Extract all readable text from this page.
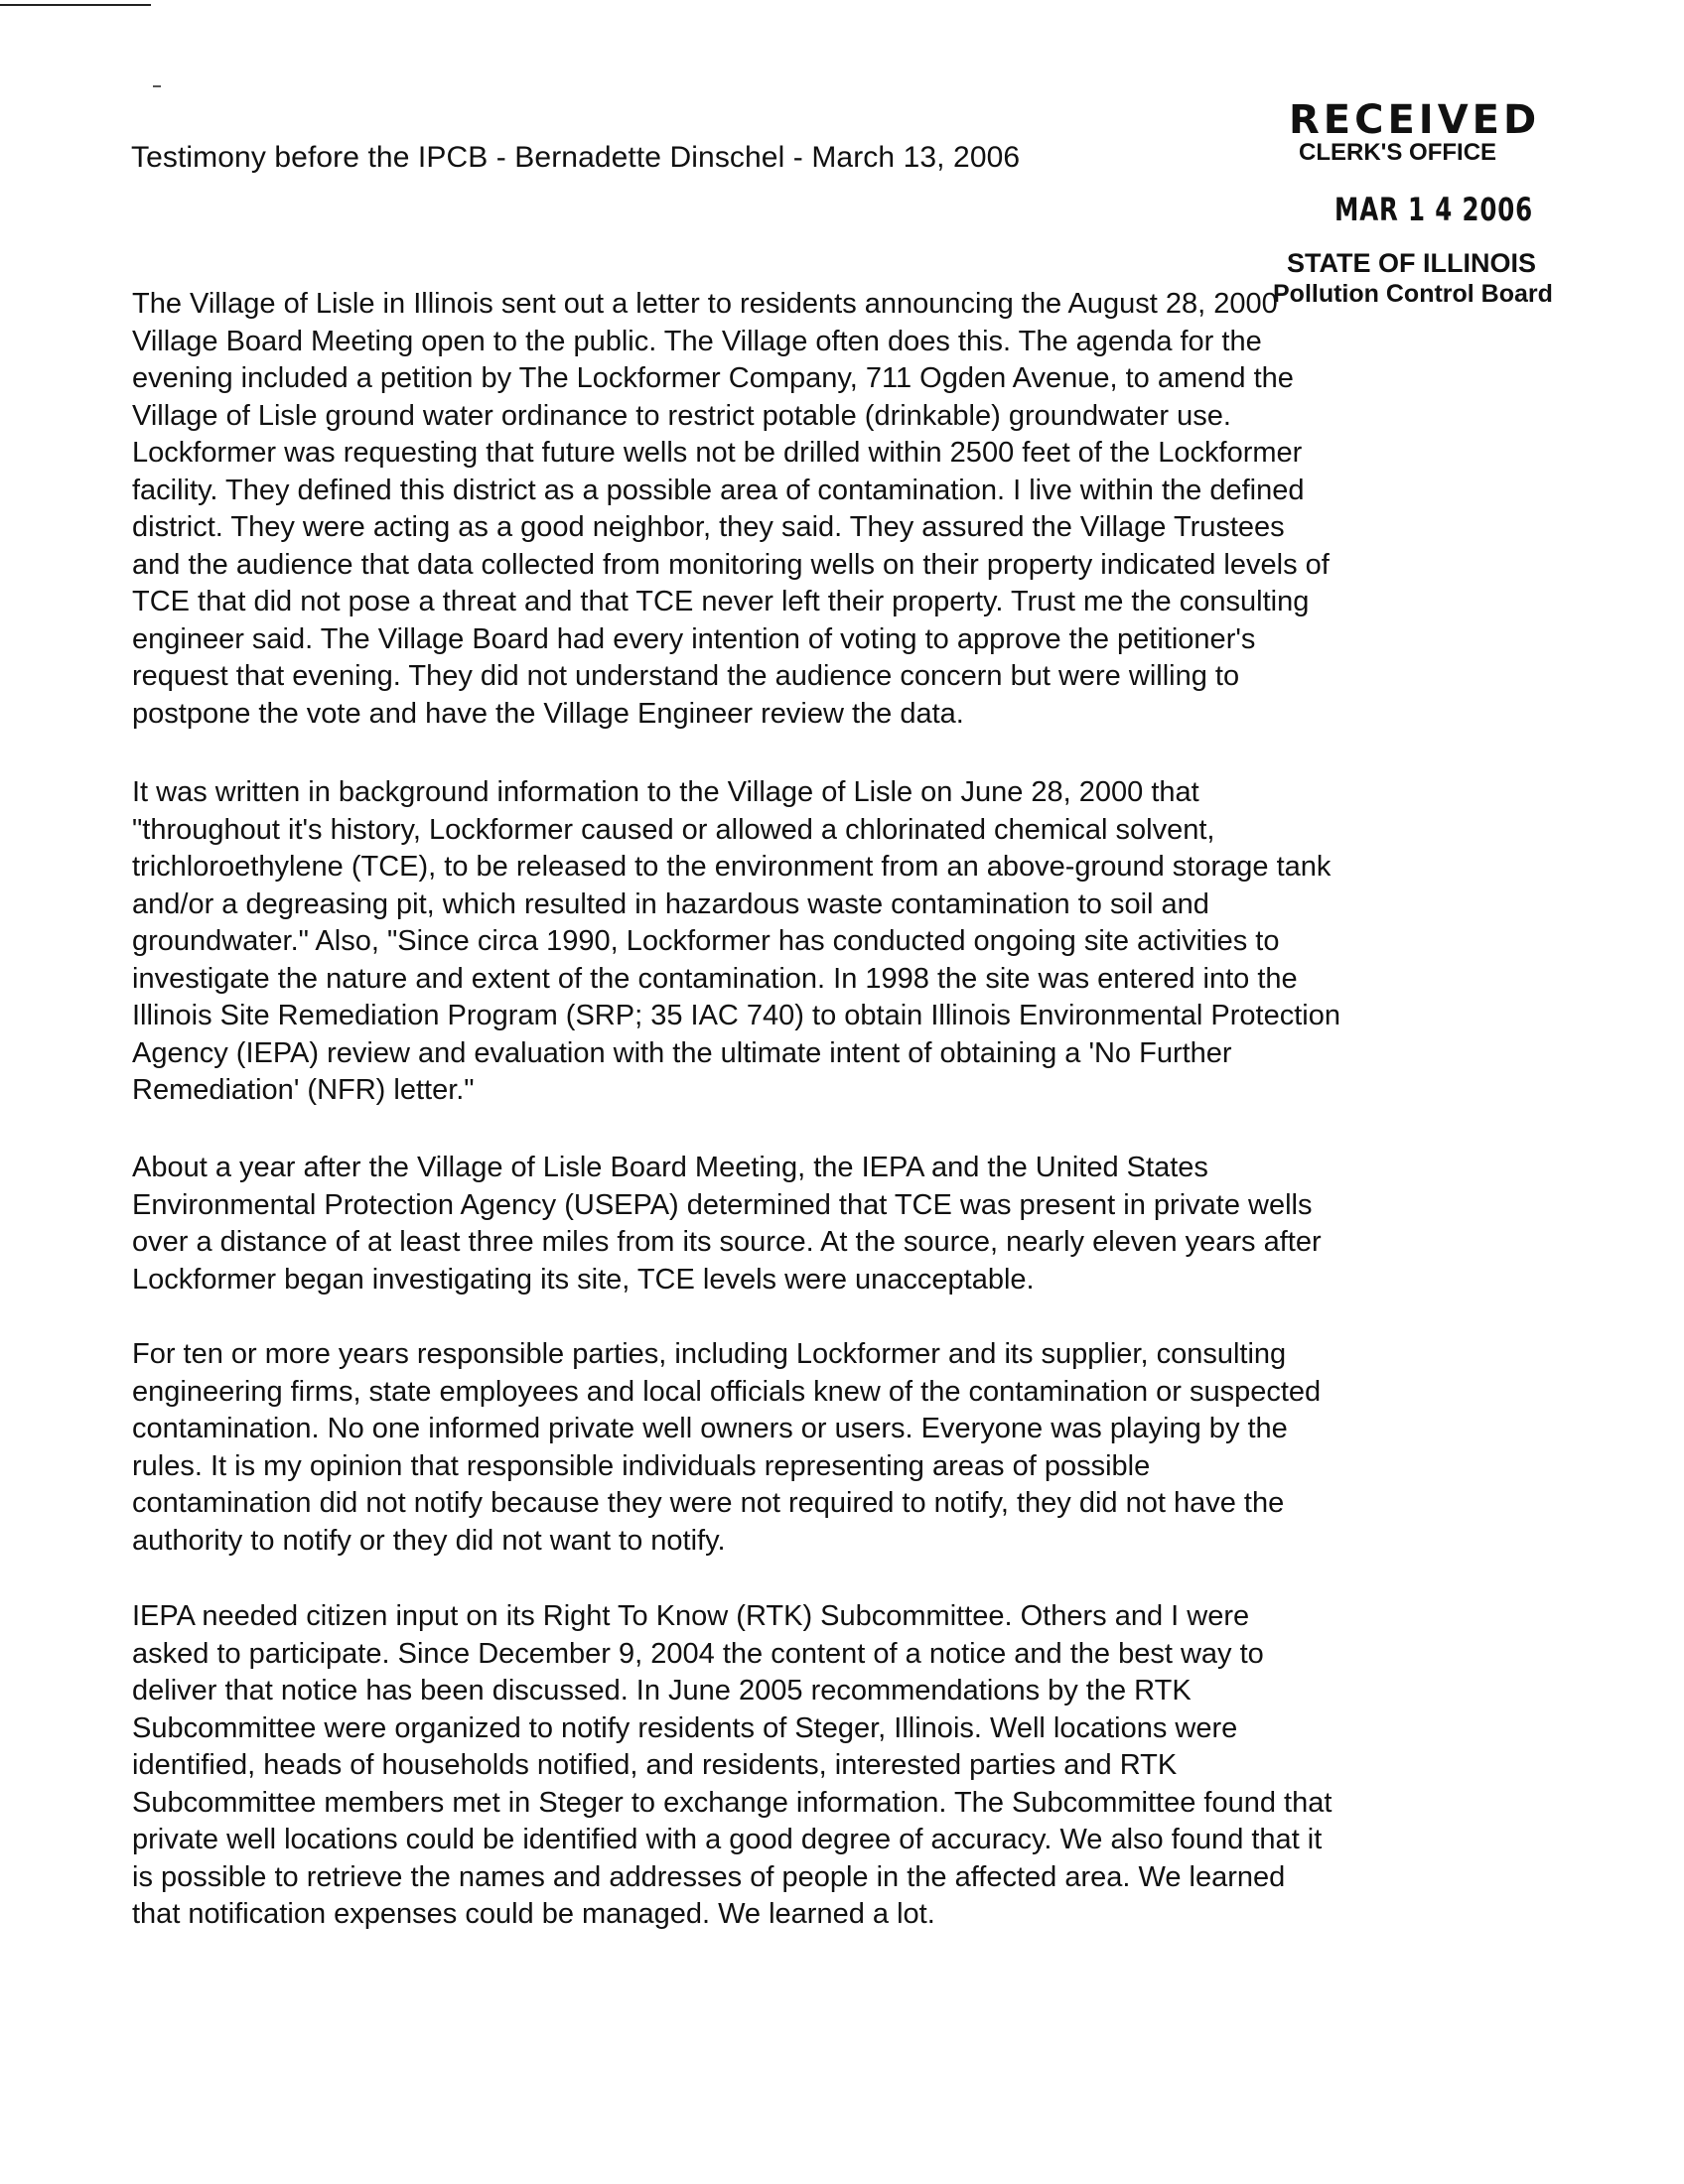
Testimony before the IPCB - Bernadette Dinschel - March 13, 2006
RECEIVED
CLERK'S OFFICE
MAR 1 4 2006
STATE OF ILLINOIS
Pollution Control Board
The Village of Lisle in Illinois sent out a letter to residents announcing the August 28, 2000
Village Board Meeting open to the public. The Village often does this. The agenda for the
evening included a petition by The Lockformer Company, 711 Ogden Avenue, to amend the
Village of Lisle ground water ordinance to restrict potable (drinkable) groundwater use.
Lockformer was requesting that future wells not be drilled within 2500 feet of the Lockformer
facility. They defined this district as a possible area of contamination. I live within the defined
district. They were acting as a good neighbor, they said. They assured the Village Trustees
and the audience that data collected from monitoring wells on their property indicated levels of
TCE that did not pose a threat and that TCE never left their property. Trust me the consulting
engineer said. The Village Board had every intention of voting to approve the petitioner's
request that evening. They did not understand the audience concern but were willing to
postpone the vote and have the Village Engineer review the data.
It was written in background information to the Village of Lisle on June 28, 2000 that
"throughout it's history, Lockformer caused or allowed a chlorinated chemical solvent,
trichloroethylene (TCE), to be released to the environment from an above-ground storage tank
and/or a degreasing pit, which resulted in hazardous waste contamination to soil and
groundwater." Also, "Since circa 1990, Lockformer has conducted ongoing site activities to
investigate the nature and extent of the contamination. In 1998 the site was entered into the
Illinois Site Remediation Program (SRP; 35 IAC 740) to obtain Illinois Environmental Protection
Agency (IEPA) review and evaluation with the ultimate intent of obtaining a 'No Further
Remediation' (NFR) letter."
About a year after the Village of Lisle Board Meeting, the IEPA and the United States
Environmental Protection Agency (USEPA) determined that TCE was present in private wells
over a distance of at least three miles from its source. At the source, nearly eleven years after
Lockformer began investigating its site, TCE levels were unacceptable.
For ten or more years responsible parties, including Lockformer and its supplier, consulting
engineering firms, state employees and local officials knew of the contamination or suspected
contamination. No one informed private well owners or users. Everyone was playing by the
rules. It is my opinion that responsible individuals representing areas of possible
contamination did not notify because they were not required to notify, they did not have the
authority to notify or they did not want to notify.
IEPA needed citizen input on its Right To Know (RTK) Subcommittee. Others and I were
asked to participate. Since December 9, 2004 the content of a notice and the best way to
deliver that notice has been discussed. In June 2005 recommendations by the RTK
Subcommittee were organized to notify residents of Steger, Illinois. Well locations were
identified, heads of households notified, and residents, interested parties and RTK
Subcommittee members met in Steger to exchange information. The Subcommittee found that
private well locations could be identified with a good degree of accuracy. We also found that it
is possible to retrieve the names and addresses of people in the affected area. We learned
that notification expenses could be managed. We learned a lot.
